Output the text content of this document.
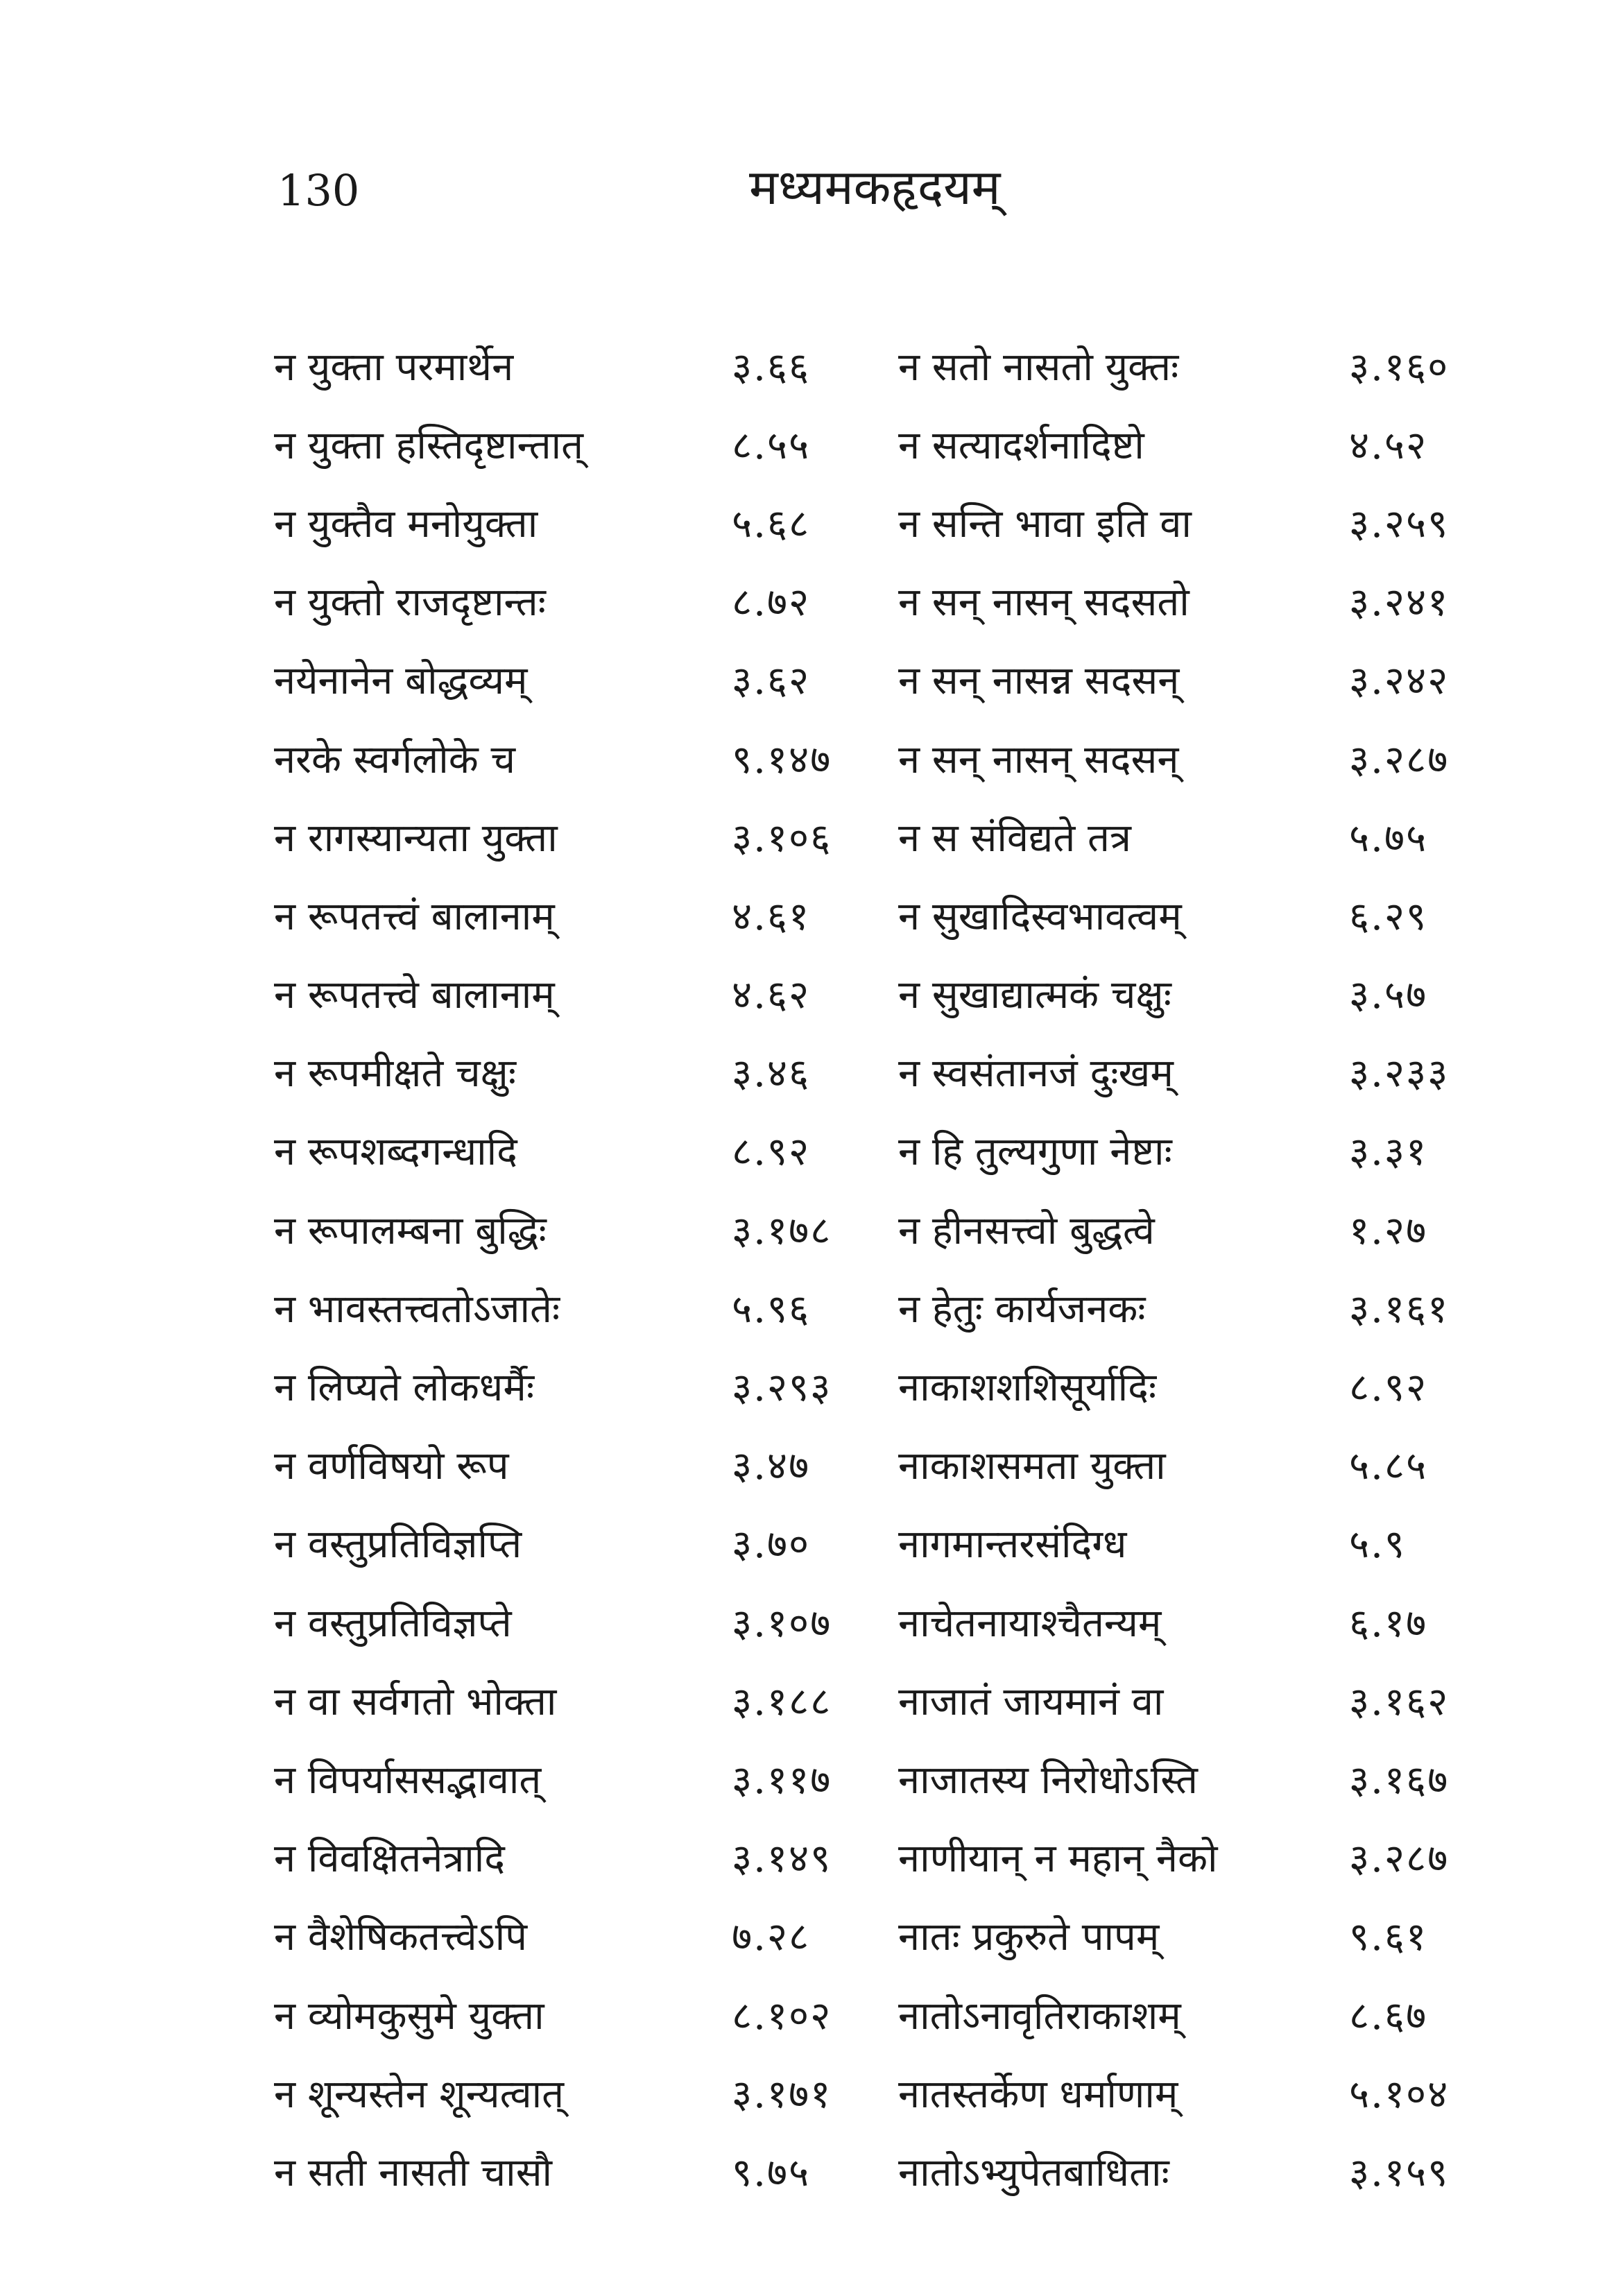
130	मध्यमकहृदयम्
न युक्ता परमार्थेन	३.६६	न सतो नासतो युक्तः	३.१६०
न युक्ता हस्तिदृष्टान्तात्	८.५५	न सत्यादर्शनादिष्टो	४.५२
न युक्तैव मनोयुक्ता	५.६८	न सन्ति भावा इति वा	३.२५९
न युक्तो राजदृष्टान्तः	८.७२	न सन् नासन् सदसतो	३.२४१
नयेनानेन बोद्धव्यम्	३.६२	न सन् नासन्न सदसन्	३.२४२
नरके स्वर्गलोके च	९.१४७	न सन् नासन् सदसन्	३.२८७
न रागस्यान्यता युक्ता	३.१०६	न स संविद्यते तत्र	५.७५
न रूपतत्त्वं बालानाम्	४.६१	न सुखादिस्वभावत्वम्	६.२९
न रूपतत्त्वे बालानाम्	४.६२	न सुखाद्यात्मकं चक्षुः	३.५७
न रूपमीक्षते चक्षुः	३.४६	न स्वसंतानजं दुःखम्	३.२३३
न रूपशब्दगन्धादि	८.९२	न हि तुल्यगुणा नेष्टाः	३.३१
न रूपालम्बना बुद्धिः	३.१७८	न हीनसत्त्वो बुद्धत्वे	१.२७
न भावस्तत्त्वतोऽजातेः	५.९६	न हेतुः कार्यजनकः	३.१६१
न लिप्यते लोकधर्मैः	३.२९३	नाकाशशशिसूर्यादिः	८.९२
न वर्णविषयो रूप	३.४७	नाकाशसमता युक्ता	५.८५
न वस्तुप्रतिविज्ञप्ति	३.७०	नागमान्तरसंदिग्ध	५.९
न वस्तुप्रतिविज्ञप्ते	३.१०७	नाचेतनायाश्चैतन्यम्	६.१७
न वा सर्वगतो भोक्ता	३.१८८	नाजातं जायमानं वा	३.१६२
न विपर्याससद्भावात्	३.११७	नाजातस्य निरोधोऽस्ति	३.१६७
न विवक्षितनेत्रादि	३.१४९	नाणीयान् न महान् नैको	३.२८७
न वैशेषिकतत्त्वेऽपि	७.२८	नातः प्रकुरुते पापम्	९.६१
न व्योमकुसुमे युक्ता	८.१०२	नातोऽनावृतिराकाशम्	८.६७
न शून्यस्तेन शून्यत्वात्	३.१७१	नातस्तर्केण धर्माणाम्	५.१०४
न सती नासती चासौ	९.७५	नातोऽभ्युपेतबाधिताः	३.१५९
